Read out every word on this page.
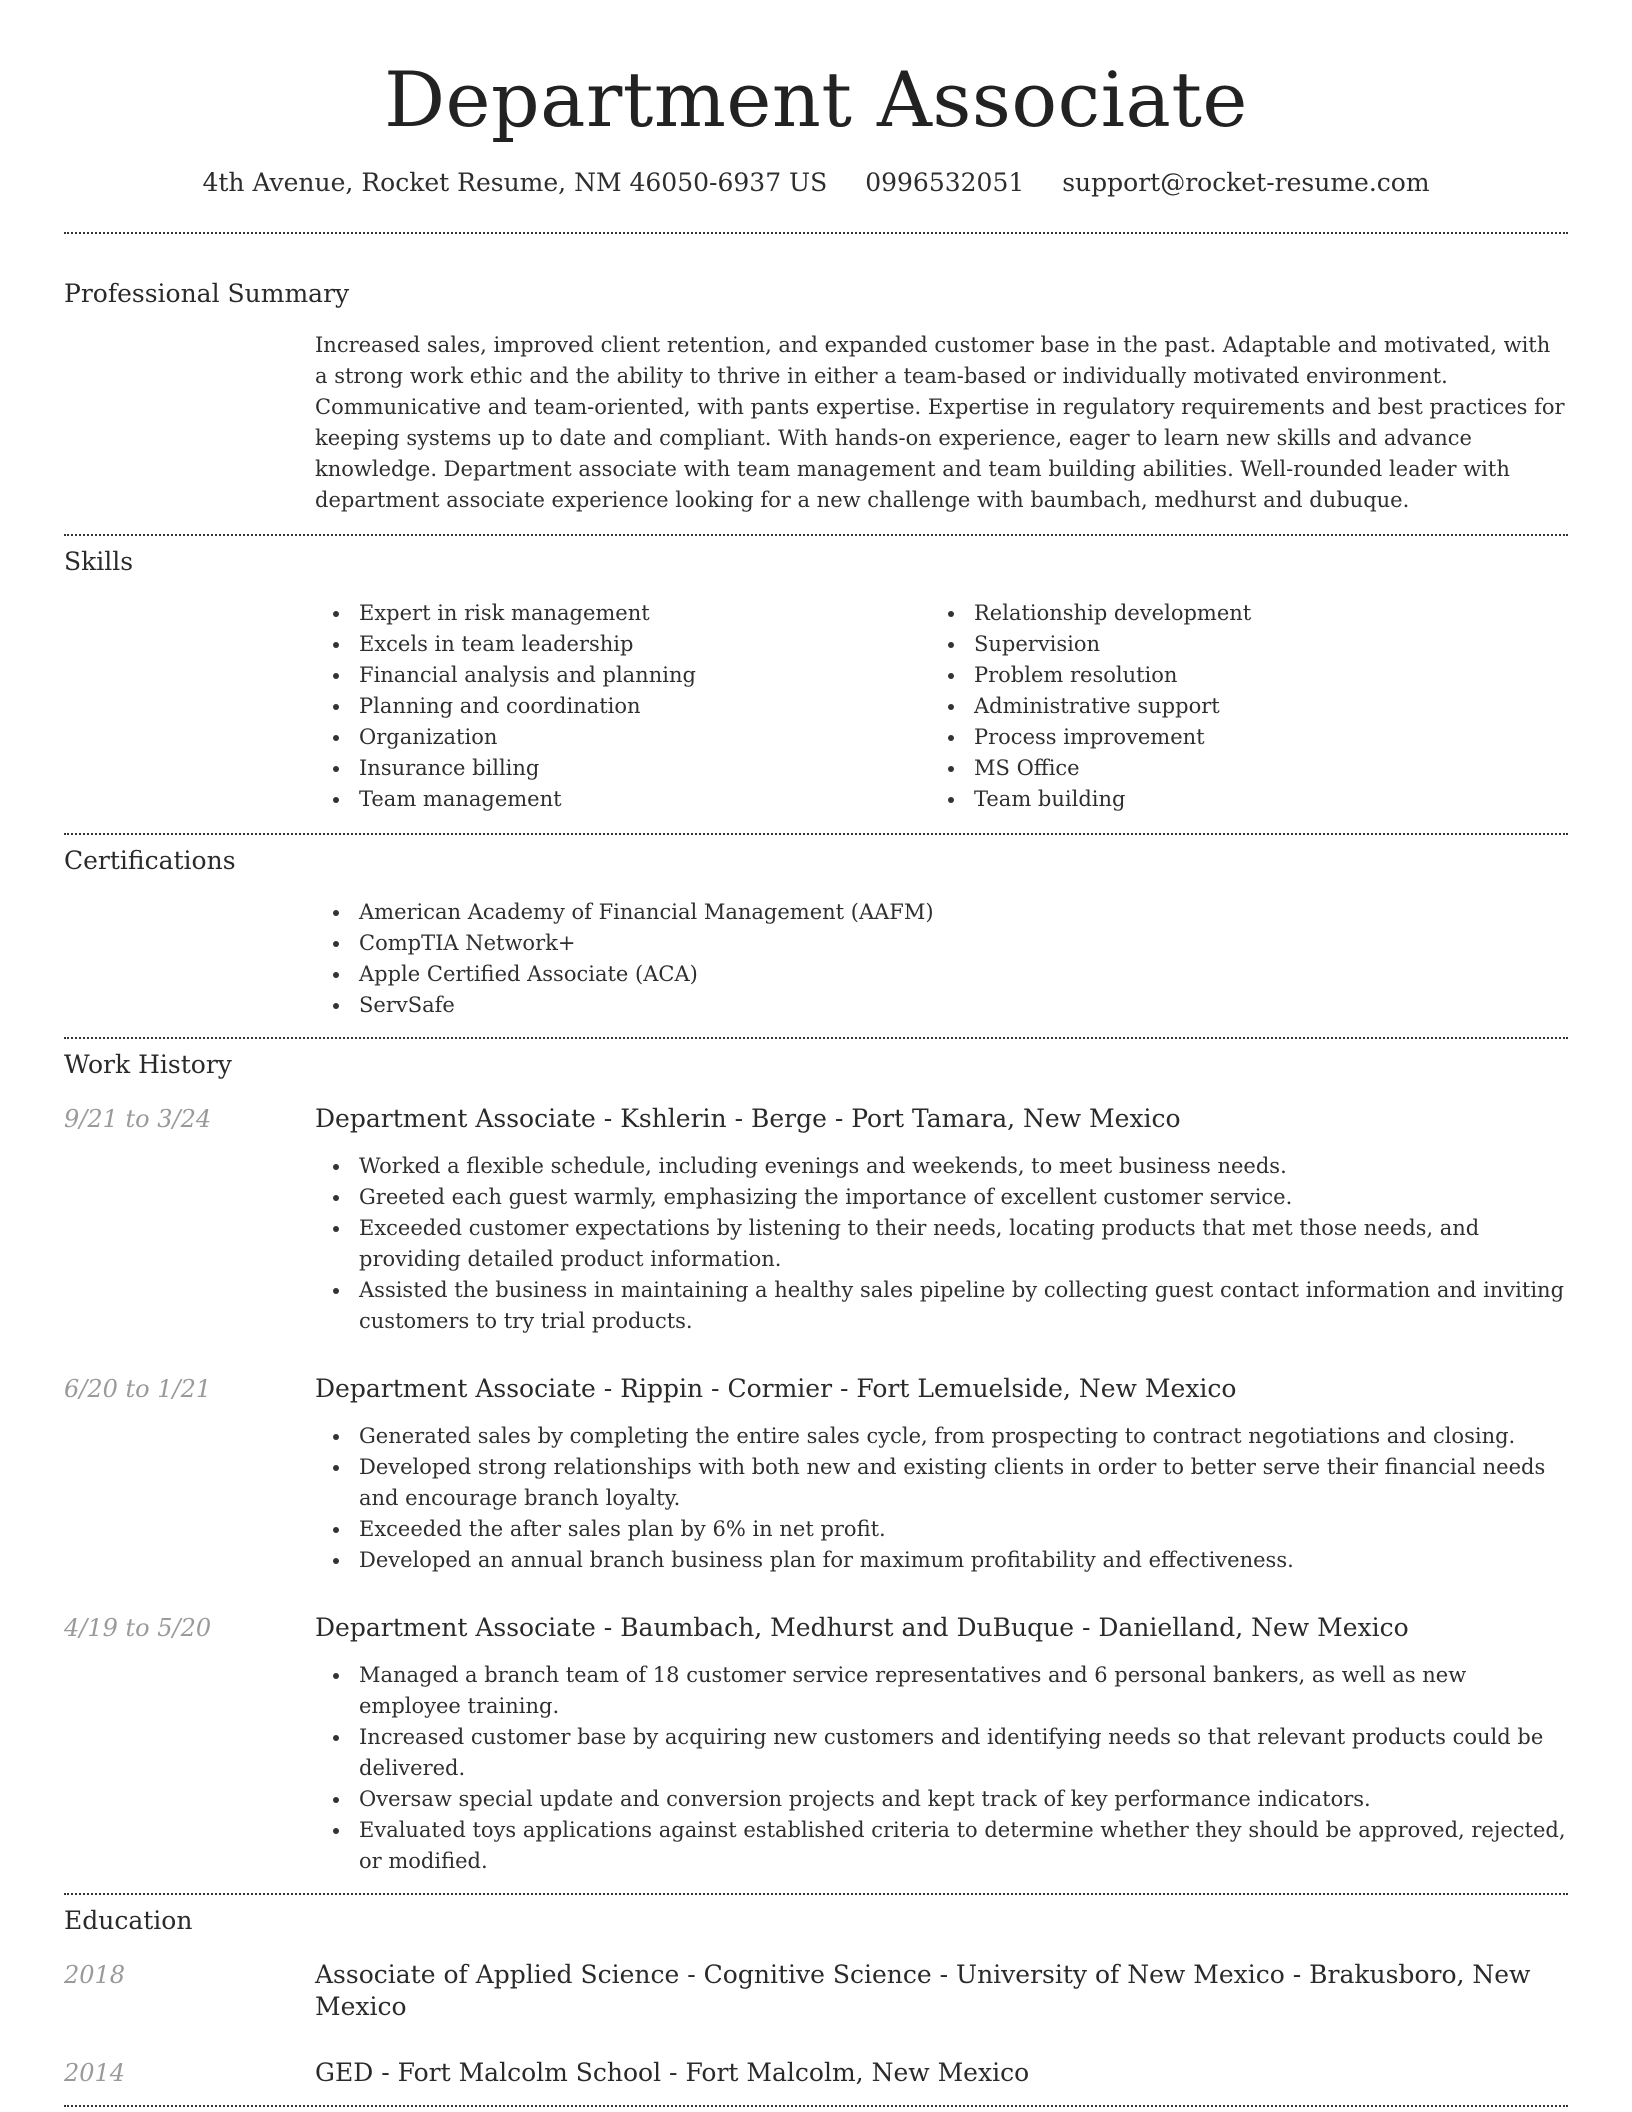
Department Associate
4th Avenue, Rocket Resume, NM 46050-6937 US 0996532051 support@rocket-resume.com
Professional Summary

Increased sales, improved client retention, and expanded customer base in the past. Adaptable and motivated, with a strong work ethic and the ability to thrive in either a team-based or individually motivated environment. Communicative and team-oriented, with pants expertise. Expertise in regulatory requirements and best practices for keeping systems up to date and compliant. With hands-on experience, eager to learn new skills and advance knowledge. Department associate with team management and team building abilities. Well-rounded leader with department associate experience looking for a new challenge with baumbach, medhurst and dubuque.

Skills
Expert in risk management
Excels in team leadership
Financial analysis and planning
Planning and coordination
Organization
Insurance billing
Team management
Relationship development
Supervision
Problem resolution
Administrative support
Process improvement
MS Office
Team building
Certifications
American Academy of Financial Management (AAFM)
CompTIA Network+
Apple Certified Associate (ACA)
ServSafe
Work History
9/21 to 3/24	Department Associate - Kshlerin - Berge - Port Tamara, New Mexico
Worked a flexible schedule, including evenings and weekends, to meet business needs.
Greeted each guest warmly, emphasizing the importance of excellent customer service.
Exceeded customer expectations by listening to their needs, locating products that met those needs, and providing detailed product information.
Assisted the business in maintaining a healthy sales pipeline by collecting guest contact information and inviting customers to try trial products.
6/20 to 1/21	Department Associate - Rippin - Cormier - Fort Lemuelside, New Mexico
Generated sales by completing the entire sales cycle, from prospecting to contract negotiations and closing.
Developed strong relationships with both new and existing clients in order to better serve their financial needs and encourage branch loyalty.
Exceeded the after sales plan by 6% in net profit.
Developed an annual branch business plan for maximum profitability and effectiveness.
4/19 to 5/20	Department Associate - Baumbach, Medhurst and DuBuque - Danielland, New Mexico
Managed a branch team of 18 customer service representatives and 6 personal bankers, as well as new employee training.
Increased customer base by acquiring new customers and identifying needs so that relevant products could be delivered.
Oversaw special update and conversion projects and kept track of key performance indicators.
Evaluated toys applications against established criteria to determine whether they should be approved, rejected, or modified.
Education
2018	Associate of Applied Science - Cognitive Science - University of New Mexico - Brakusboro, New Mexico
2014	GED - Fort Malcolm School - Fort Malcolm, New Mexico
